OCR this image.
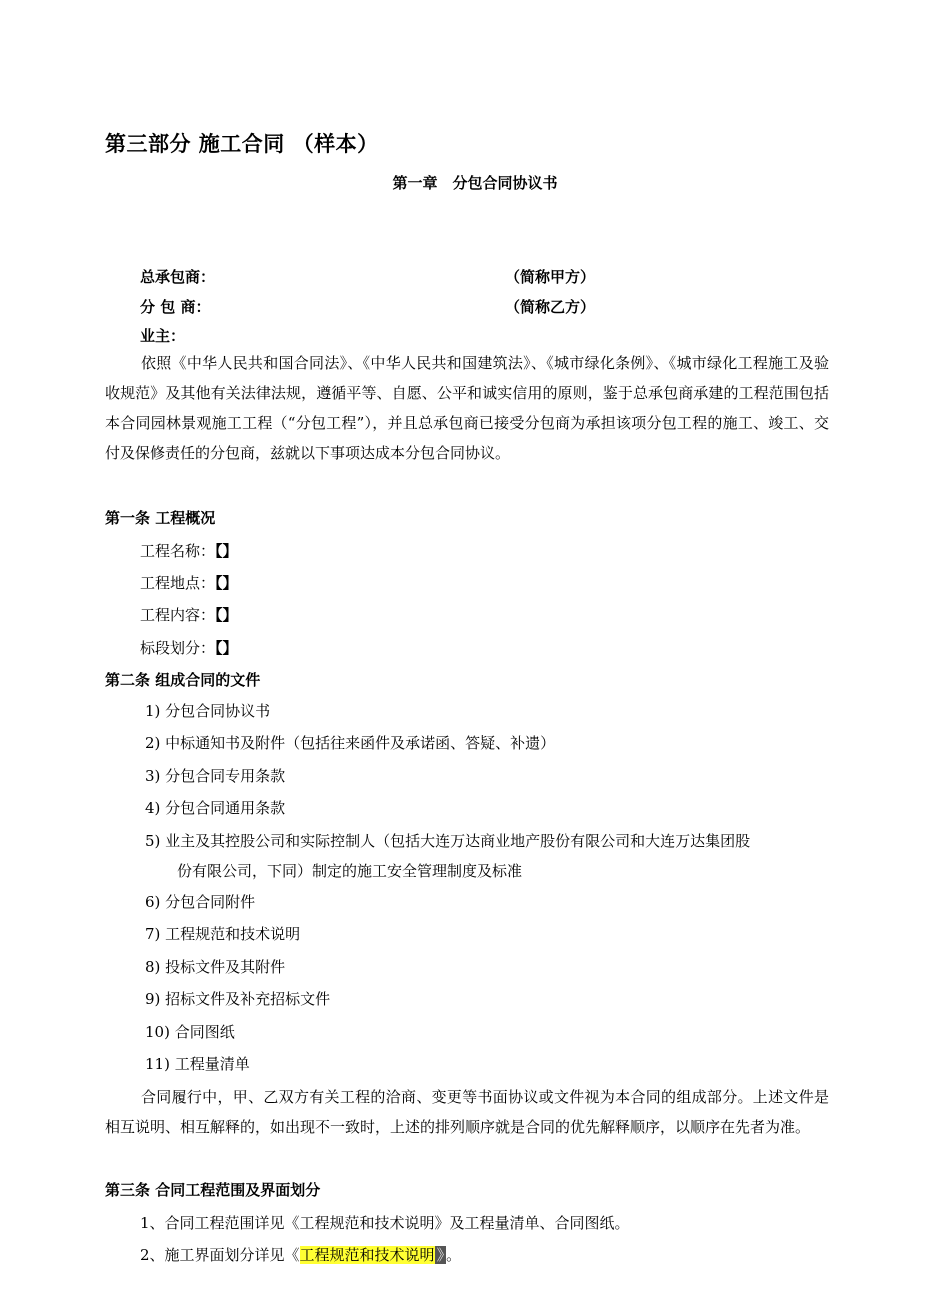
第三部分 施工合同 （样本）
第一章　分包合同协议书
总承包商：	（简称甲方）
分 包 商：	（简称乙方）
业主：
依照《中华人民共和国合同法》、《中华人民共和国建筑法》、《城市绿化条例》、《城市绿化工程施工及验收规范》及其他有关法律法规，遵循平等、自愿、公平和诚实信用的原则，鉴于总承包商承建的工程范围包括本合同园林景观施工工程（“分包工程”），并且总承包商已接受分包商为承担该项分包工程的施工、竣工、交付及保修责任的分包商，兹就以下事项达成本分包合同协议。
第一条 工程概况
工程名称：【】
工程地点：【】
工程内容：【】
标段划分：【】
第二条 组成合同的文件
1) 分包合同协议书
2) 中标通知书及附件（包括往来函件及承诺函、答疑、补遗）
3) 分包合同专用条款
4) 分包合同通用条款
5) 业主及其控股公司和实际控制人（包括大连万达商业地产股份有限公司和大连万达集团股
份有限公司，下同）制定的施工安全管理制度及标准
6) 分包合同附件
7) 工程规范和技术说明
8) 投标文件及其附件
9) 招标文件及补充招标文件
10) 合同图纸
11) 工程量清单
合同履行中，甲、乙双方有关工程的洽商、变更等书面协议或文件视为本合同的组成部分。上述文件是相互说明、相互解释的，如出现不一致时，上述的排列顺序就是合同的优先解释顺序，以顺序在先者为准。
第三条 合同工程范围及界面划分
1、合同工程范围详见《工程规范和技术说明》及工程量清单、合同图纸。
2、施工界面划分详见《工程规范和技术说明 》 。
